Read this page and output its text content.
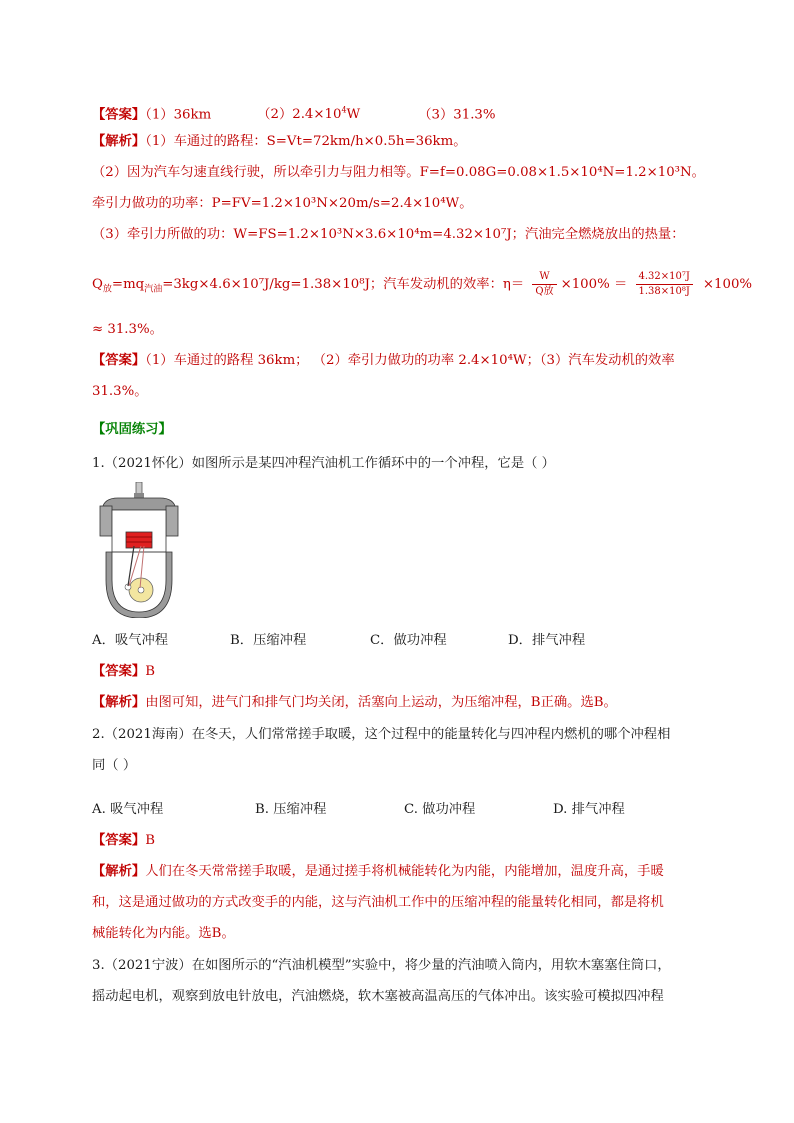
【答案】（1）36km	$(2)2.4\times 10^4W$	（3）31.3%
【解析】（1）车通过的路程：S=Vt=72km/h×0.5h=36km。
（2）因为汽车匀速直线行驶，所以牵引力与阻力相等。F=f=0.08G=0.08×1.5×10⁴N=1.2×10³N。
牵引力做功的功率：P=FV=1.2×10³N×20m/s=2.4×10⁴W。
（3）牵引力所做的功：W=FS=1.2×10³N×3.6×10⁴m=4.32×10⁷J；汽油完全燃烧放出的热量：
$Q_放=mq_{汽油}=3kg\times 4.6\times 10^7J/kg=1.38\times 10^8J$；汽车发动机的效率：$\eta= \frac{W}{\text{Q放}} \times 100\% = \frac{\text{4.32×10⁷J}}{\text{1.38×10⁸J}} \times 100\%$
≈ 31.3%。
【答案】（1）车通过的路程 36km； （2）牵引力做功的功率 2.4×10⁴W；（3）汽车发动机的效率
31.3%。
【巩固练习】
1.（2021怀化）如图所示是某四冲程汽油机工作循环中的一个冲程，它是（ ）
A．吸气冲程	B．压缩冲程	C．做功冲程	D．排气冲程
【答案】B
【解析】由图可知，进气门和排气门均关闭，活塞向上运动，为压缩冲程，B正确。选B。
2.（2021海南）在冬天，人们常常搓手取暖，这个过程中的能量转化与四冲程内燃机的哪个冲程相
同（ ）
A. 吸气冲程	B. 压缩冲程	C. 做功冲程	D. 排气冲程
【答案】B
【解析】人们在冬天常常搓手取暖，是通过搓手将机械能转化为内能，内能增加，温度升高，手暖
和，这是通过做功的方式改变手的内能，这与汽油机工作中的压缩冲程的能量转化相同，都是将机
械能转化为内能。选B。
3.（2021宁波）在如图所示的“汽油机模型”实验中，将少量的汽油喷入筒内，用软木塞塞住筒口，
摇动起电机，观察到放电针放电，汽油燃烧，软木塞被高温高压的气体冲出。该实验可模拟四冲程
